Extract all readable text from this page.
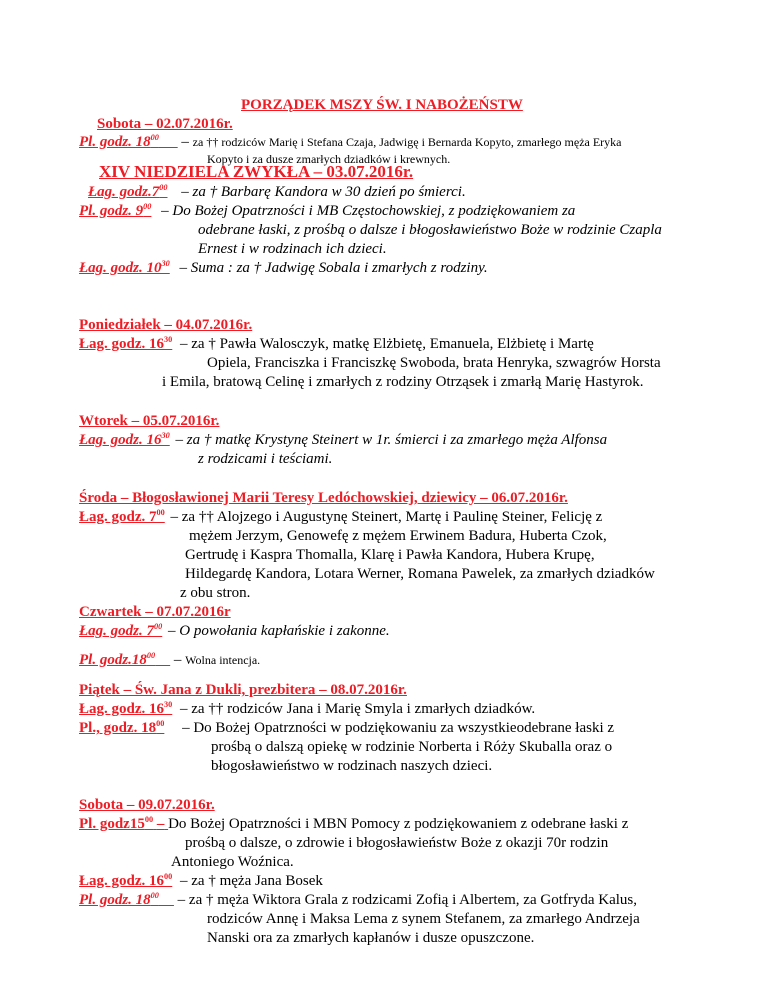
PORZĄDEK MSZY ŚW. I NABOŻEŃSTW
Sobota – 02.07.2016r.
Pl. godz. $18^{00}$ – za †† rodziców Marię i Stefana Czaja, Jadwigę i Bernarda Kopyto, zmarłego męża Eryka
Kopyto i za dusze zmarłych dziadków i krewnych.
XIV NIEDZIELA ZWYKŁA – 03.07.2016r.
Łag. $godz.7^{00}$ – za † Barbarę Kandora w 30 dzień po śmierci.
Pl. godz. $9^{00}$ – Do Bożej Opatrzności i MB Częstochowskiej, z podziękowaniem za
odebrane łaski, z prośbą o dalsze i błogosławieństwo Boże w rodzinie Czapla
Ernest i w rodzinach ich dzieci.
Łag. godz. $10^{30}$ – Suma : za † Jadwigę Sobala i zmarłych z rodziny.
Poniedziałek – 04.07.2016r.
Łag. godz. $16^{30}$ – za † Pawła Walosczyk, matkę Elżbietę, Emanuela, Elżbietę i Martę
Opiela, Franciszka i Franciszkę Swoboda, brata Henryka, szwagrów Horsta
i Emila, bratową Celinę i zmarłych z rodziny Otrząsek i zmarłą Marię Hastyrok.
Wtorek – 05.07.2016r.
Łag. godz. $16^{30}$ – za † matkę Krystynę Steinert w 1r. śmierci i za zmarłego męża Alfonsa
z rodzicami i teściami.
Środa – Błogosławionej Marii Teresy Ledóchowskiej, dziewicy – 06.07.2016r.
Łag. godz. $7^{00}$ – za †† Alojzego i Augustynę Steinert, Martę i Paulinę Steiner, Felicję z
mężem Jerzym, Genowefę z mężem Erwinem Badura, Huberta Czok,
Gertrudę i Kaspra Thomalla, Klarę i Pawła Kandora, Hubera Krupę,
Hildegardę Kandora, Lotara Werner, Romana Pawelek, za zmarłych dziadków
z obu stron.
Czwartek – 07.07.2016r
Łag. godz. $7^{00}$ – O powołania kapłańskie i zakonne.
Pl. $godz.18^{00}$ – Wolna intencja.
Piątek – Św. Jana z Dukli, prezbitera – 08.07.2016r.
Łag. godz. $16^{30}$ – za †† rodziców Jana i Marię Smyla i zmarłych dziadków.
Pl., godz. $18^{00}$ – Do Bożej Opatrzności w podziękowaniu za wszystkieodebrane łaski z
prośbą o dalszą opiekę w rodzinie Norberta i Róży Skuballa oraz o
błogosławieństwo w rodzinach naszych dzieci.
Sobota – 09.07.2016r.
Pl. $godz15^{00}$ – Do Bożej Opatrzności i MBN Pomocy z podziękowaniem z odebrane łaski z
prośbą o dalsze, o zdrowie i błogosławieństw Boże z okazji 70r rodzin
Antoniego Woźnica.
Łag. godz. $16^{00}$ – za † męża Jana Bosek
Pl. godz. $18^{00}$ – za † męża Wiktora Grala z rodzicami Zofią i Albertem, za Gotfryda Kalus,
rodziców Annę i Maksa Lema z synem Stefanem, za zmarłego Andrzeja
Nanski ora za zmarłych kapłanów i dusze opuszczone.
